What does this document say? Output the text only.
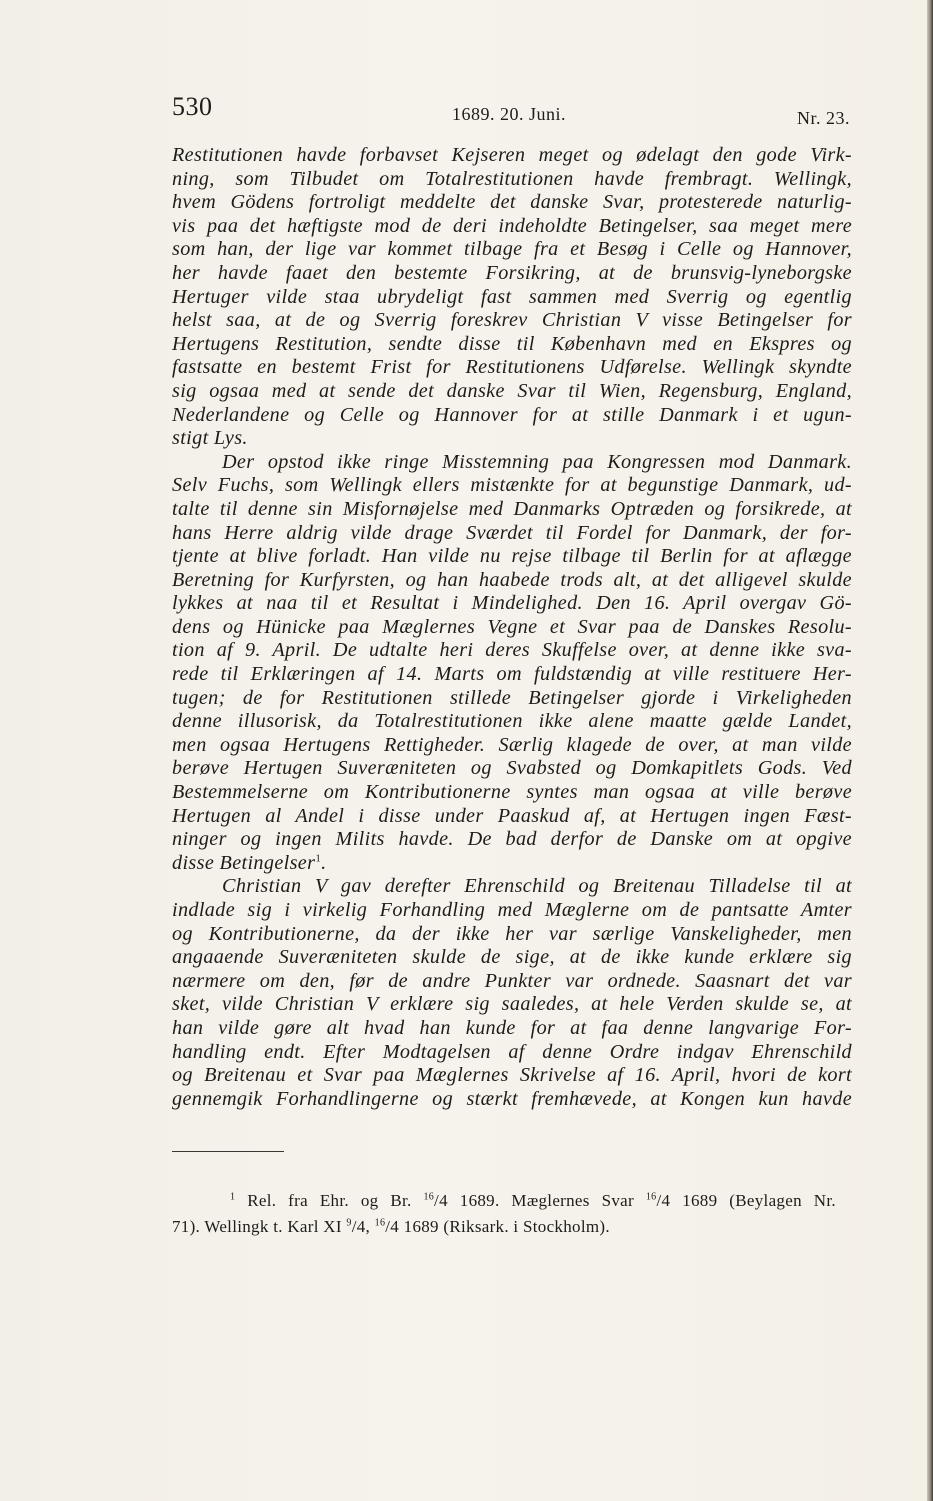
530	1689. 20. Juni.	Nr. 23.
Restitutionen havde forbavset Kejseren meget og ødelagt den gode Virk-
ning, som Tilbudet om Totalrestitutionen havde frembragt. Wellingk,
hvem Gödens fortroligt meddelte det danske Svar, protesterede naturlig-
vis paa det hæftigste mod de deri indeholdte Betingelser, saa meget mere
som han, der lige var kommet tilbage fra et Besøg i Celle og Hannover,
her havde faaet den bestemte Forsikring, at de brunsvig-lyneborgske
Hertuger vilde staa ubrydeligt fast sammen med Sverrig og egentlig
helst saa, at de og Sverrig foreskrev Christian V visse Betingelser for
Hertugens Restitution, sendte disse til København med en Ekspres og
fastsatte en bestemt Frist for Restitutionens Udførelse. Wellingk skyndte
sig ogsaa med at sende det danske Svar til Wien, Regensburg, England,
Nederlandene og Celle og Hannover for at stille Danmark i et ugun-
stigt Lys.
Der opstod ikke ringe Misstemning paa Kongressen mod Danmark.
Selv Fuchs, som Wellingk ellers mistænkte for at begunstige Danmark, ud-
talte til denne sin Misfornøjelse med Danmarks Optræden og forsikrede, at
hans Herre aldrig vilde drage Sværdet til Fordel for Danmark, der for-
tjente at blive forladt. Han vilde nu rejse tilbage til Berlin for at aflægge
Beretning for Kurfyrsten, og han haabede trods alt, at det alligevel skulde
lykkes at naa til et Resultat i Mindelighed. Den 16. April overgav Gö-
dens og Hünicke paa Mæglernes Vegne et Svar paa de Danskes Resolu-
tion af 9. April. De udtalte heri deres Skuffelse over, at denne ikke sva-
rede til Erklæringen af 14. Marts om fuldstændig at ville restituere Her-
tugen; de for Restitutionen stillede Betingelser gjorde i Virkeligheden
denne illusorisk, da Totalrestitutionen ikke alene maatte gælde Landet,
men ogsaa Hertugens Rettigheder. Særlig klagede de over, at man vilde
berøve Hertugen Suveræniteten og Svabsted og Domkapitlets Gods. Ved
Bestemmelserne om Kontributionerne syntes man ogsaa at ville berøve
Hertugen al Andel i disse under Paaskud af, at Hertugen ingen Fæst-
ninger og ingen Milits havde. De bad derfor de Danske om at opgive
disse Betingelser$^1$.
Christian V gav derefter Ehrenschild og Breitenau Tilladelse til at
indlade sig i virkelig Forhandling med Mæglerne om de pantsatte Amter
og Kontributionerne, da der ikke her var særlige Vanskeligheder, men
angaaende Suveræniteten skulde de sige, at de ikke kunde erklære sig
nærmere om den, før de andre Punkter var ordnede. Saasnart det var
sket, vilde Christian V erklære sig saaledes, at hele Verden skulde se, at
han vilde gøre alt hvad han kunde for at faa denne langvarige For-
handling endt. Efter Modtagelsen af denne Ordre indgav Ehrenschild
og Breitenau et Svar paa Mæglernes Skrivelse af 16. April, hvori de kort
gennemgik Forhandlingerne og stærkt fremhævede, at Kongen kun havde
$^1$ Rel. fra Ehr. og Br. $^{16}$/4 1689. Mæglernes Svar $^{16}$/4 1689 (Beylagen Nr.
71). Wellingk t. Karl XI $^9$/4, $^{16}$/4 1689 (Riksark. i Stockholm).
